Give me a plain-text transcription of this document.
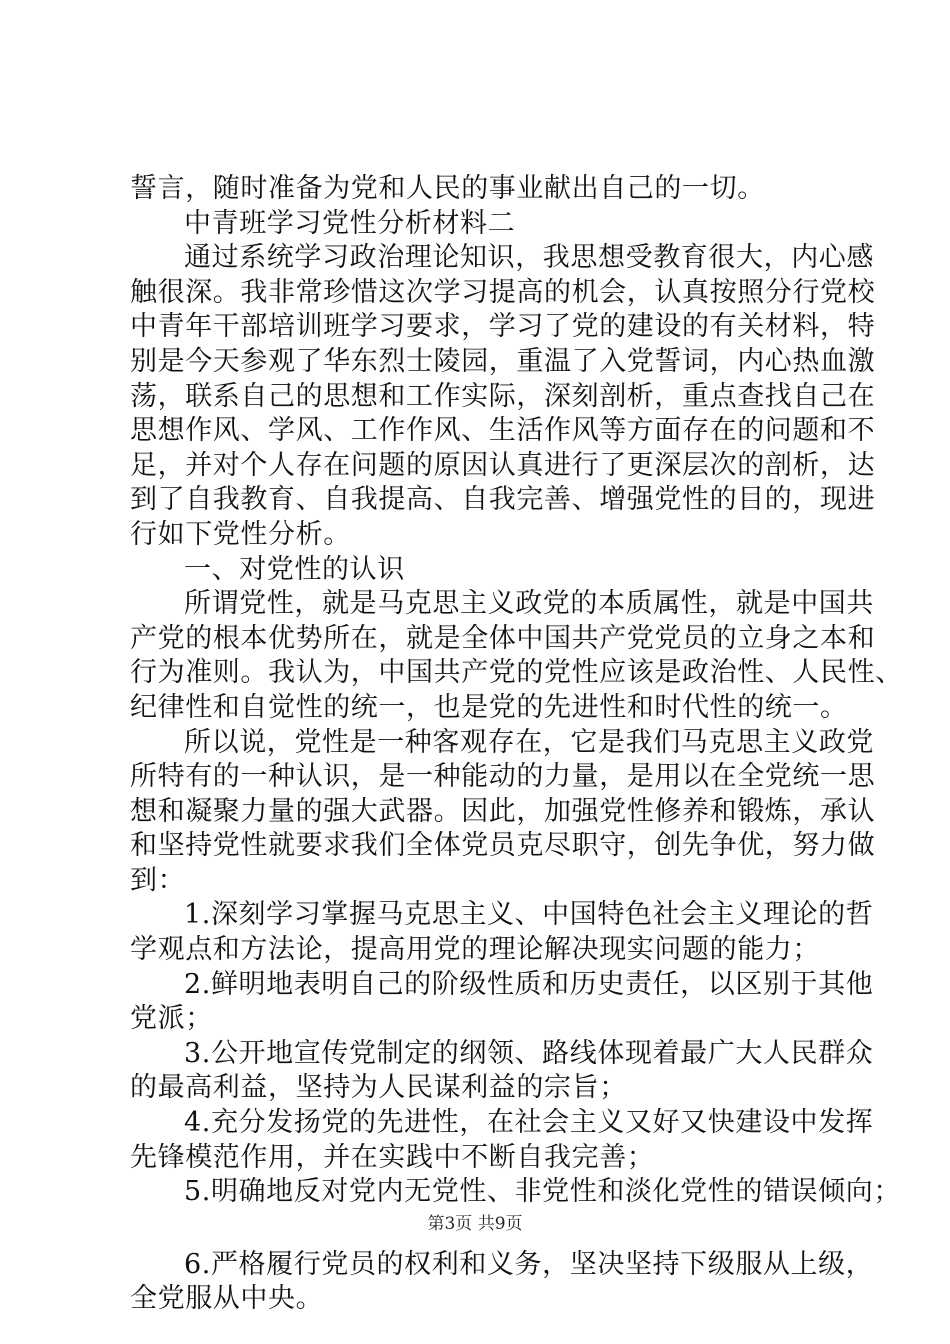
誓言，随时准备为党和人民的事业献出自己的一切。
中青班学习党性分析材料二
通过系统学习政治理论知识，我思想受教育很大，内心感
触很深。我非常珍惜这次学习提高的机会，认真按照分行党校
中青年干部培训班学习要求，学习了党的建设的有关材料，特
别是今天参观了华东烈士陵园，重温了入党誓词，内心热血激
荡，联系自己的思想和工作实际，深刻剖析，重点查找自己在
思想作风、学风、工作作风、生活作风等方面存在的问题和不
足，并对个人存在问题的原因认真进行了更深层次的剖析，达
到了自我教育、自我提高、自我完善、增强党性的目的，现进
行如下党性分析。
一、对党性的认识
所谓党性，就是马克思主义政党的本质属性，就是中国共
产党的根本优势所在，就是全体中国共产党党员的立身之本和
行为准则。我认为，中国共产党的党性应该是政治性、人民性、
纪律性和自觉性的统一，也是党的先进性和时代性的统一。
所以说，党性是一种客观存在，它是我们马克思主义政党
所特有的一种认识，是一种能动的力量，是用以在全党统一思
想和凝聚力量的强大武器。因此，加强党性修养和锻炼，承认
和坚持党性就要求我们全体党员克尽职守，创先争优，努力做
到：
1.深刻学习掌握马克思主义、中国特色社会主义理论的哲
学观点和方法论，提高用党的理论解决现实问题的能力；
2.鲜明地表明自己的阶级性质和历史责任，以区别于其他
党派；
3.公开地宣传党制定的纲领、路线体现着最广大人民群众
的最高利益，坚持为人民谋利益的宗旨；
4.充分发扬党的先进性，在社会主义又好又快建设中发挥
先锋模范作用，并在实践中不断自我完善；
5.明确地反对党内无党性、非党性和淡化党性的错误倾向；
6.严格履行党员的权利和义务，坚决坚持下级服从上级，
全党服从中央。
第3页 共9页
